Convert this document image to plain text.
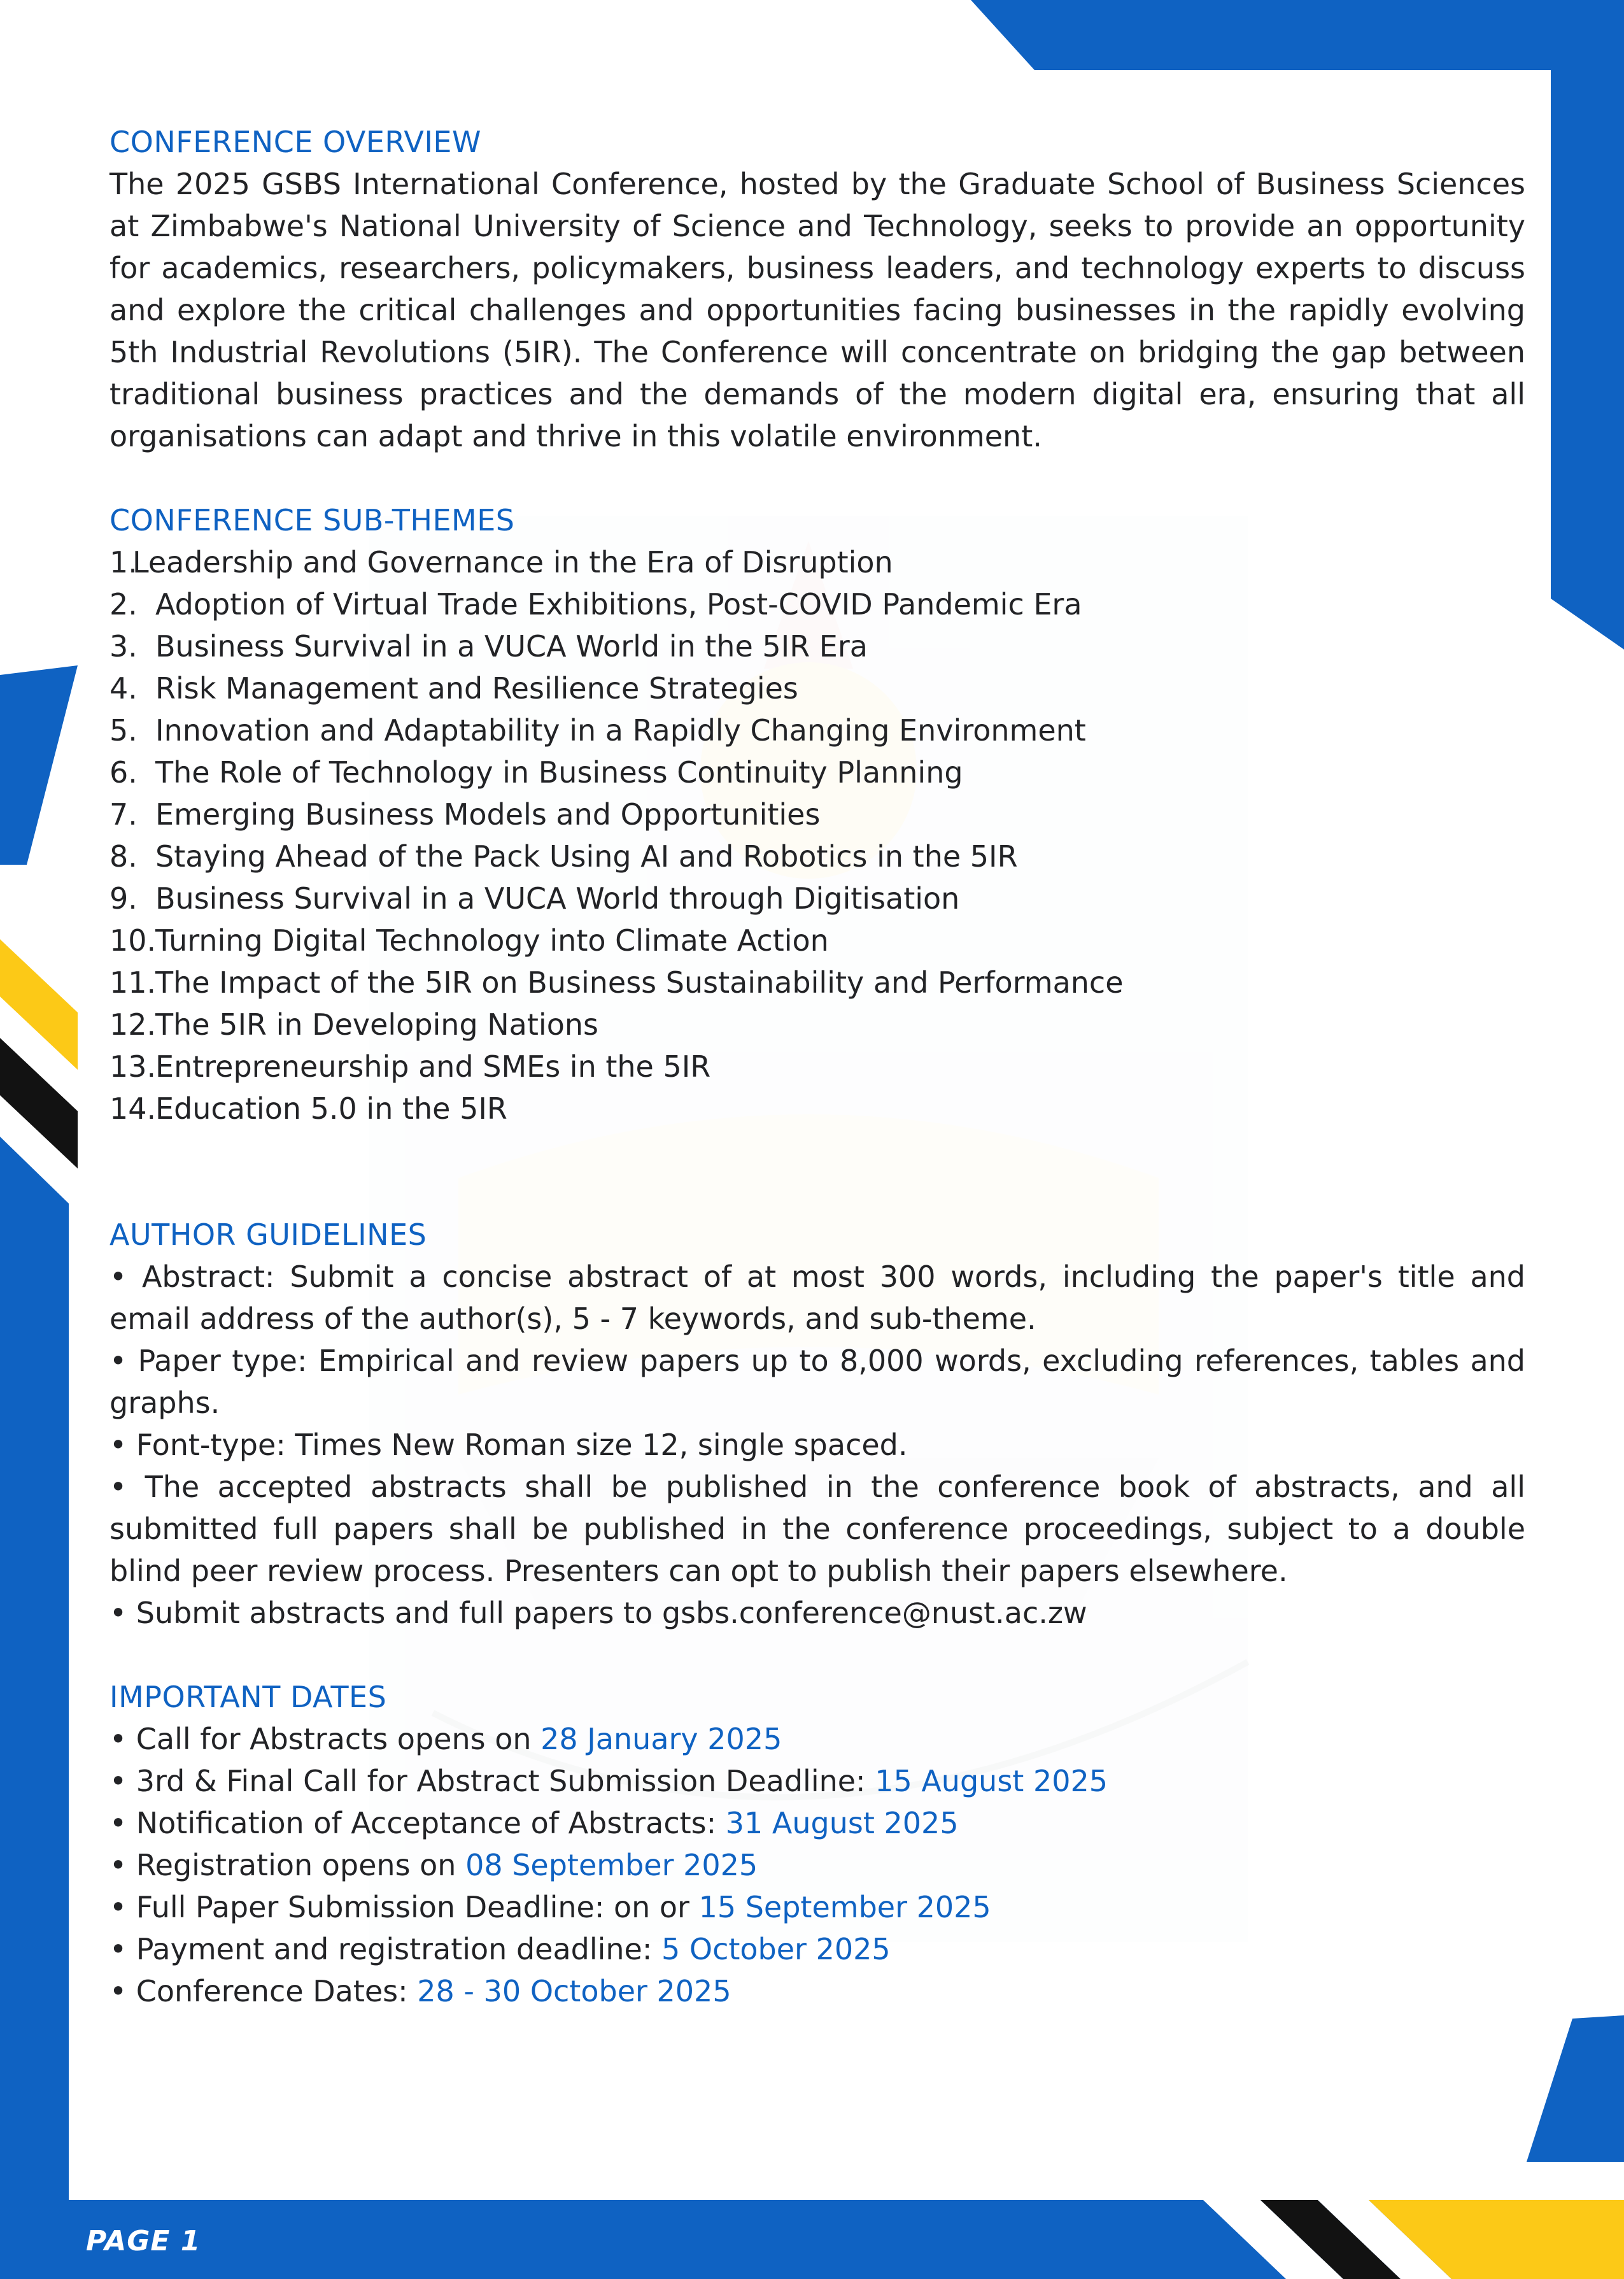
CONFERENCE OVERVIEW

The 2025 GSBS International Conference, hosted by the Graduate School of Business Sciences at Zimbabwe's National University of Science and Technology, seeks to provide an opportunity for academics, researchers, policymakers, business leaders, and technology experts to discuss and explore the critical challenges and opportunities facing businesses in the rapidly evolving 5th Industrial Revolutions (5IR). The Conference will concentrate on bridging the gap between traditional business practices and the demands of the modern digital era, ensuring that all organisations can adapt and thrive in this volatile environment.

CONFERENCE SUB-THEMES
1.
Leadership and Governance in the Era of Disruption
2. Adoption of Virtual Trade Exhibitions, Post-COVID Pandemic Era
3. Business Survival in a VUCA World in the 5IR Era
4. Risk Management and Resilience Strategies
5. Innovation and Adaptability in a Rapidly Changing Environment
6. The Role of Technology in Business Continuity Planning
7. Emerging Business Models and Opportunities
8. Staying Ahead of the Pack Using AI and Robotics in the 5IR
9. Business Survival in a VUCA World through Digitisation
10.
Turning Digital Technology into Climate Action
11.
The Impact of the 5IR on Business Sustainability and Performance
12.
The 5IR in Developing Nations
13.
Entrepreneurship and SMEs in the 5IR
14.
Education 5.0 in the 5IR
AUTHOR GUIDELINES

• Abstract: Submit a concise abstract of at most 300 words, including the paper's title and email address of the author(s), 5 - 7 keywords, and sub-theme.

• Paper type: Empirical and review papers up to 8,000 words, excluding references, tables and graphs.

• Font-type: Times New Roman size 12, single spaced.

• The accepted abstracts shall be published in the conference book of abstracts, and all submitted full papers shall be published in the conference proceedings, subject to a double blind peer review process. Presenters can opt to publish their papers elsewhere.

• Submit abstracts and full papers to gsbs.conference@nust.ac.zw

IMPORTANT DATES

• Call for Abstracts opens on 28 January 2025

• 3rd & Final Call for Abstract Submission Deadline: 15 August 2025

• Notification of Acceptance of Abstracts: 31 August 2025

• Registration opens on 08 September 2025

• Full Paper Submission Deadline: on or 15 September 2025

• Payment and registration deadline: 5 October 2025

• Conference Dates: 28 - 30 October 2025

PAGE 1
